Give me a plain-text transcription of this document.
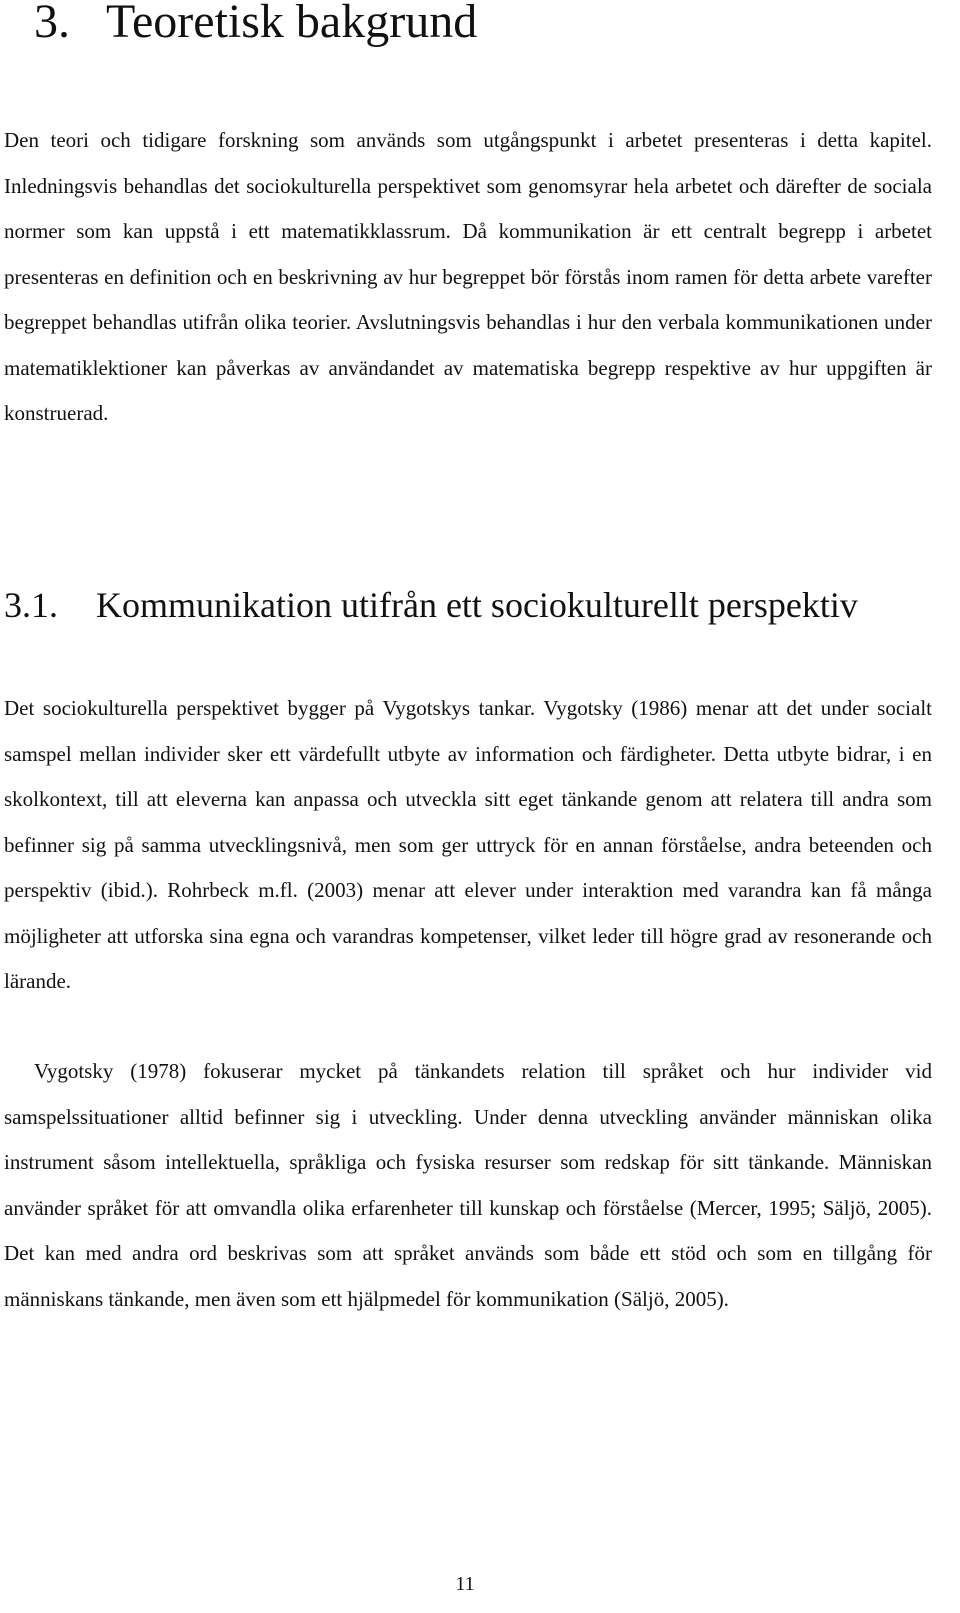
3. Teoretisk bakgrund

Den teori och tidigare forskning som används som utgångspunkt i arbetet presenteras i detta kapitel. Inledningsvis behandlas det sociokulturella perspektivet som genomsyrar hela arbetet och därefter de sociala normer som kan uppstå i ett matematikklassrum. Då kommunikation är ett centralt begrepp i arbetet presenteras en definition och en beskrivning av hur begreppet bör förstås inom ramen för detta arbete varefter begreppet behandlas utifrån olika teorier. Avslutningsvis behandlas i hur den verbala kommunikationen under matematiklektioner kan påverkas av användandet av matematiska begrepp respektive av hur uppgiften är konstruerad.

3.1. Kommunikation utifrån ett sociokulturellt perspektiv

Det sociokulturella perspektivet bygger på Vygotskys tankar. Vygotsky (1986) menar att det under socialt samspel mellan individer sker ett värdefullt utbyte av information och färdigheter. Detta utbyte bidrar, i en skolkontext, till att eleverna kan anpassa och utveckla sitt eget tänkande genom att relatera till andra som befinner sig på samma utvecklingsnivå, men som ger uttryck för en annan förståelse, andra beteenden och perspektiv (ibid.). Rohrbeck m.fl. (2003) menar att elever under interaktion med varandra kan få många möjligheter att utforska sina egna och varandras kompetenser, vilket leder till högre grad av resonerande och lärande.

Vygotsky (1978) fokuserar mycket på tänkandets relation till språket och hur individer vid samspelssituationer alltid befinner sig i utveckling. Under denna utveckling använder människan olika instrument såsom intellektuella, språkliga och fysiska resurser som redskap för sitt tänkande. Människan använder språket för att omvandla olika erfarenheter till kunskap och förståelse (Mercer, 1995; Säljö, 2005). Det kan med andra ord beskrivas som att språket används som både ett stöd och som en tillgång för människans tänkande, men även som ett hjälpmedel för kommunikation (Säljö, 2005).

11
